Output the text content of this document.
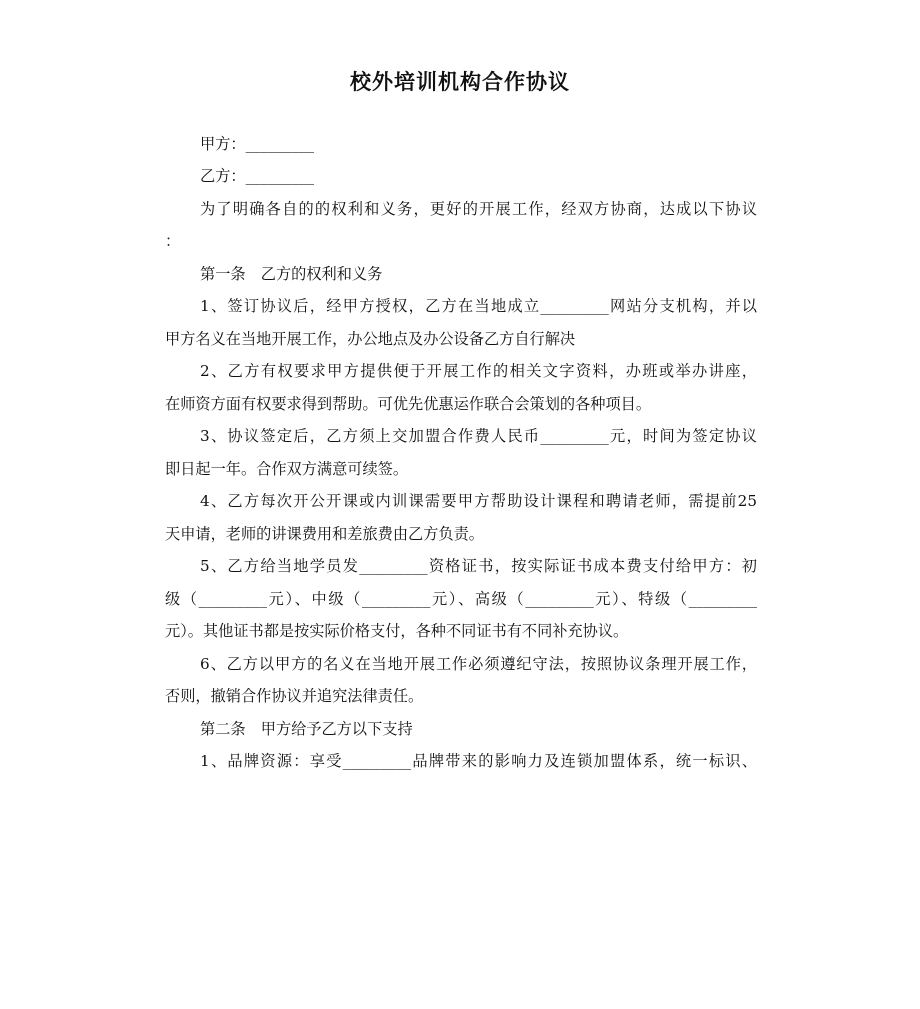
校外培训机构合作协议

甲方：_________

乙方：_________

为了明确各自的的权利和义务，更好的开展工作，经双方协商，达成以下协议

：

第一条　乙方的权利和义务

1、签订协议后，经甲方授权，乙方在当地成立_________网站分支机构，并以

甲方名义在当地开展工作，办公地点及办公设备乙方自行解决

2、乙方有权要求甲方提供便于开展工作的相关文字资料，办班或举办讲座，

在师资方面有权要求得到帮助。可优先优惠运作联合会策划的各种项目。

3、协议签定后，乙方须上交加盟合作费人民币_________元，时间为签定协议

即日起一年。合作双方满意可续签。

4、乙方每次开公开课或内训课需要甲方帮助设计课程和聘请老师，需提前25

天申请，老师的讲课费用和差旅费由乙方负责。

5、乙方给当地学员发_________资格证书，按实际证书成本费支付给甲方：初

级（_________元）、中级（_________元）、高级（_________元）、特级（_________

元）。其他证书都是按实际价格支付，各种不同证书有不同补充协议。

6、乙方以甲方的名义在当地开展工作必须遵纪守法，按照协议条理开展工作，

否则，撤销合作协议并追究法律责任。

第二条　甲方给予乙方以下支持

1、品牌资源：享受_________品牌带来的影响力及连锁加盟体系，统一标识、
